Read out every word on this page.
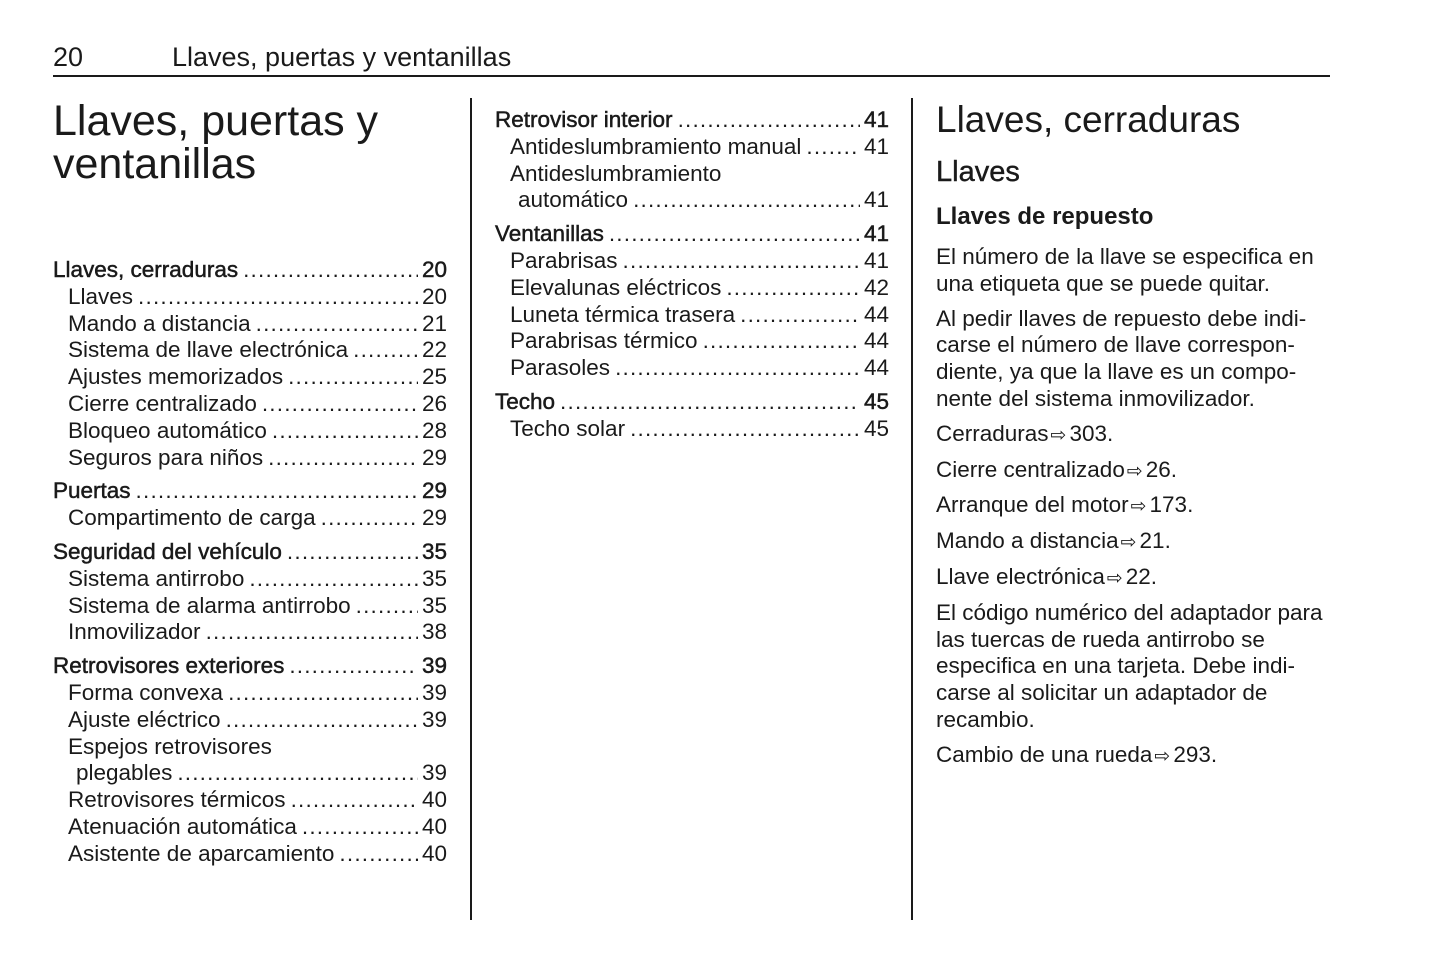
20	Llaves, puertas y ventanillas
Llaves, puertas y
ventanillas
Llaves, cerraduras .....	20
Llaves .....	20
Mando a distancia .....	21
Sistema de llave electrónica .....	22
Ajustes memorizados .....	25
Cierre centralizado .....	26
Bloqueo automático .....	28
Seguros para niños .....	29
Puertas .....	29
Compartimento de carga .....	29
Seguridad del vehículo .....	35
Sistema antirrobo .....	35
Sistema de alarma antirrobo .....	35
Inmovilizador .....	38
Retrovisores exteriores .....	39
Forma convexa .....	39
Ajuste eléctrico .....	39
Espejos retrovisores
plegables .....	39
Retrovisores térmicos .....	40
Atenuación automática .....	40
Asistente de aparcamiento .....	40
Retrovisor interior .....	41
Antideslumbramiento manual .....	41
Antideslumbramiento
automático .....	41
Ventanillas .....	41
Parabrisas .....	41
Elevalunas eléctricos .....	42
Luneta térmica trasera .....	44
Parabrisas térmico .....	44
Parasoles .....	44
Techo .....	45
Techo solar .....	45
Llaves, cerraduras
Llaves
Llaves de repuesto

El número de la llave se especifica en una etiqueta que se puede quitar.

Al pedir llaves de repuesto debe indi-carse el número de llave correspon-diente, ya que la llave es un compo-nente del sistema inmovilizador.

Cerraduras ⇨ 303.

Cierre centralizado ⇨ 26.

Arranque del motor ⇨ 173.

Mando a distancia ⇨ 21.

Llave electrónica ⇨ 22.

El código numérico del adaptador para las tuercas de rueda antirrobo se especifica en una tarjeta. Debe indi-carse al solicitar un adaptador de recambio.

Cambio de una rueda ⇨ 293.
